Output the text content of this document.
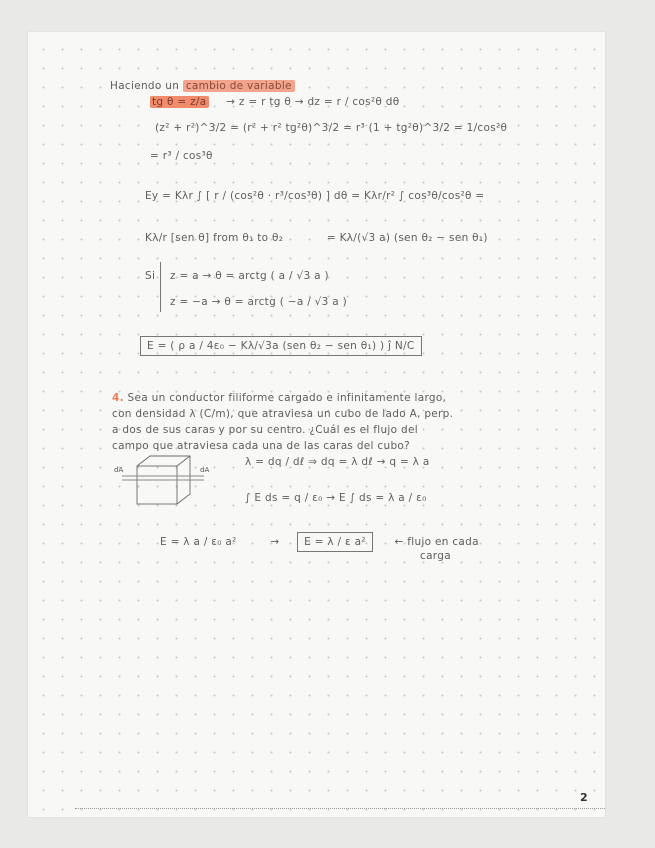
Haciendo un cambio de variable
tg θ = z/a → z = r tg θ → dz = r / cos²θ dθ
(z² + r²)^3/2 = (r² + r² tg²θ)^3/2 = r³ (1 + tg²θ)^3/2 = 1/cos²θ
= r³ / cos³θ
Ey = Kλr ∫ [ r / (cos²θ · r³/cos³θ) ] dθ = Kλr/r² ∫ cos³θ/cos²θ =
Kλ/r [sen θ] from θ₁ to θ₂	= Kλ/(√3 a) (sen θ₂ − sen θ₁)
Si z = a → θ = arctg ( a / √3 a )
z = −a → θ = arctg ( −a / √3 a )
E = ( ρ a / 4ε₀ − Kλ/√3a (sen θ₂ − sen θ₁) ) ĵ N/C
4. Sea un conductor filiforme cargado e infinitamente largo,
con densidad λ (C/m), que atraviesa un cubo de lado A, perp.
a dos de sus caras y por su centro. ¿Cuál es el flujo del
campo que atraviesa cada una de las caras del cubo?
dA	dA
λ = dq / dℓ ⇒ dq = λ dℓ → q = λ a
∫ E ds = q / ε₀ → E ∫ ds = λ a / ε₀
E = λ a / ε₀ a²	→ E = λ / ε a²	← flujo en cada
carga
2
